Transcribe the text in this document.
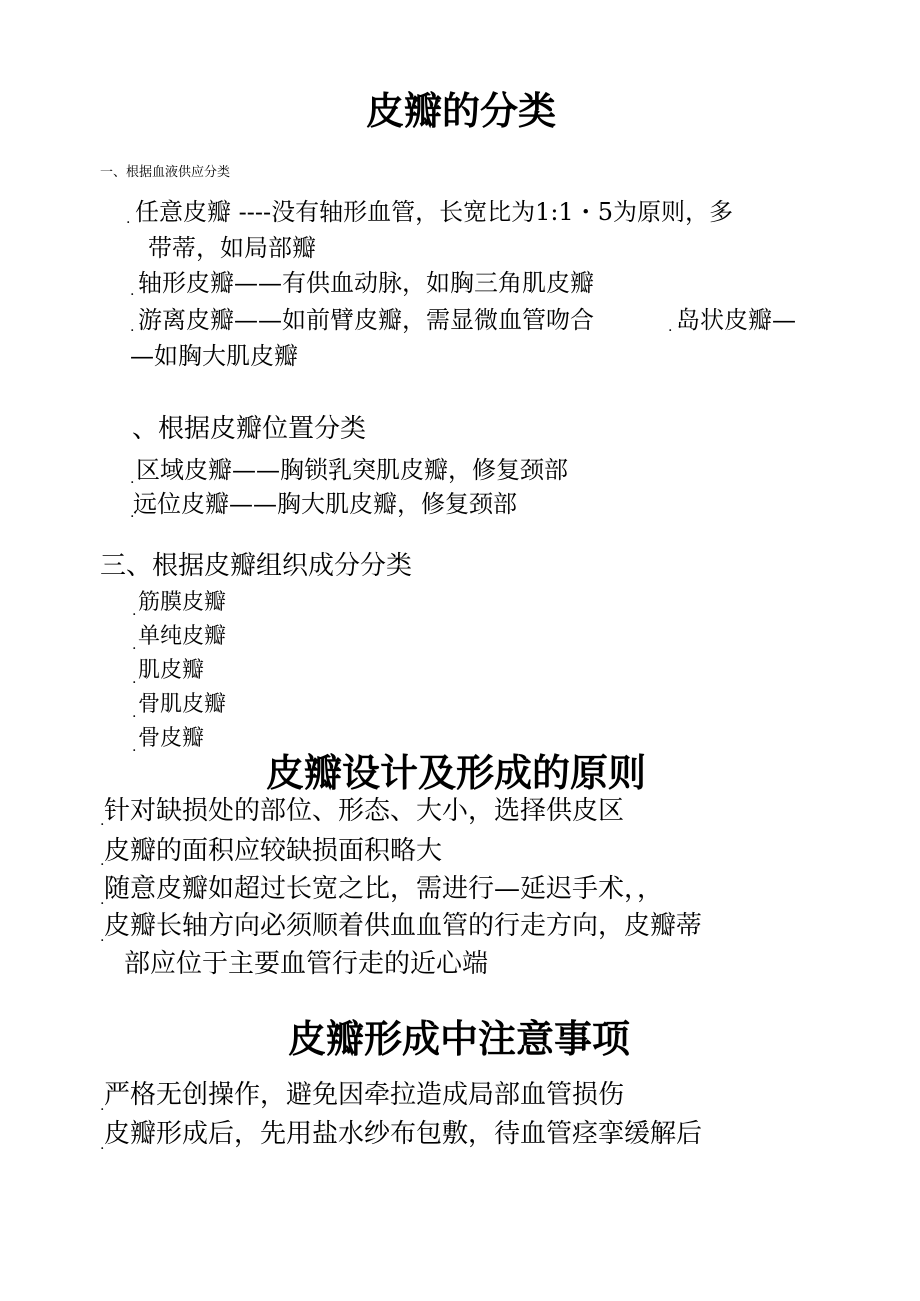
皮瓣的分类
一、根据血液供应分类
. 任意皮瓣 ----没有轴形血管，长宽比为1:1・5为原则，多
带蒂，如局部瓣
. 轴形皮瓣——有供血动脉，如胸三角肌皮瓣
. 游离皮瓣——如前臂皮瓣，需显微血管吻合	. 岛状皮瓣—
—如胸大肌皮瓣
、根据皮瓣位置分类
. 区域皮瓣——胸锁乳突肌皮瓣，修复颈部
.
远位皮瓣——胸大肌皮瓣，修复颈部
三、根据皮瓣组织成分分类
. 筋膜皮瓣
. 单纯皮瓣
. 肌皮瓣
. 骨肌皮瓣
. 骨皮瓣
皮瓣设计及形成的原则
. 针对缺损处的部位、形态、大小，选择供皮区
. 皮瓣的面积应较缺损面积略大
. 随意皮瓣如超过长宽之比，需进行—延迟手术，，
. 皮瓣长轴方向必须顺着供血血管的行走方向，皮瓣蒂
部应位于主要血管行走的近心端
皮瓣形成中注意事项
. 严格无创操作，避免因牵拉造成局部血管损伤
. 皮瓣形成后，先用盐水纱布包敷，待血管痉挛缓解后
